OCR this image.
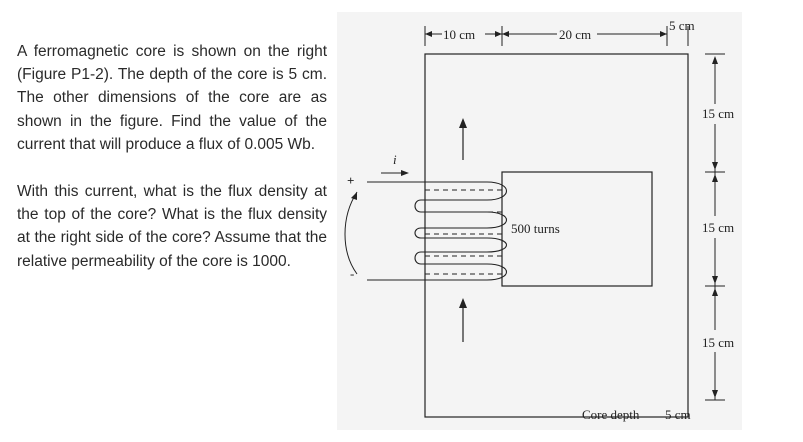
A ferromagnetic core is shown on the right (Figure P1-2). The depth of the core is 5 cm. The other dimensions of the core are as shown in the figure. Find the value of the current that will produce a flux of 0.005 Wb.

With this current, what is the flux density at the top of the core? What is the flux density at the right side of the core? Assume that the relative permeability of the core is 1000.

10 cm	20 cm
5 cm
15 cm
15 cm
15 cm
i
+
-
500 turns
Core depth 5 cm
